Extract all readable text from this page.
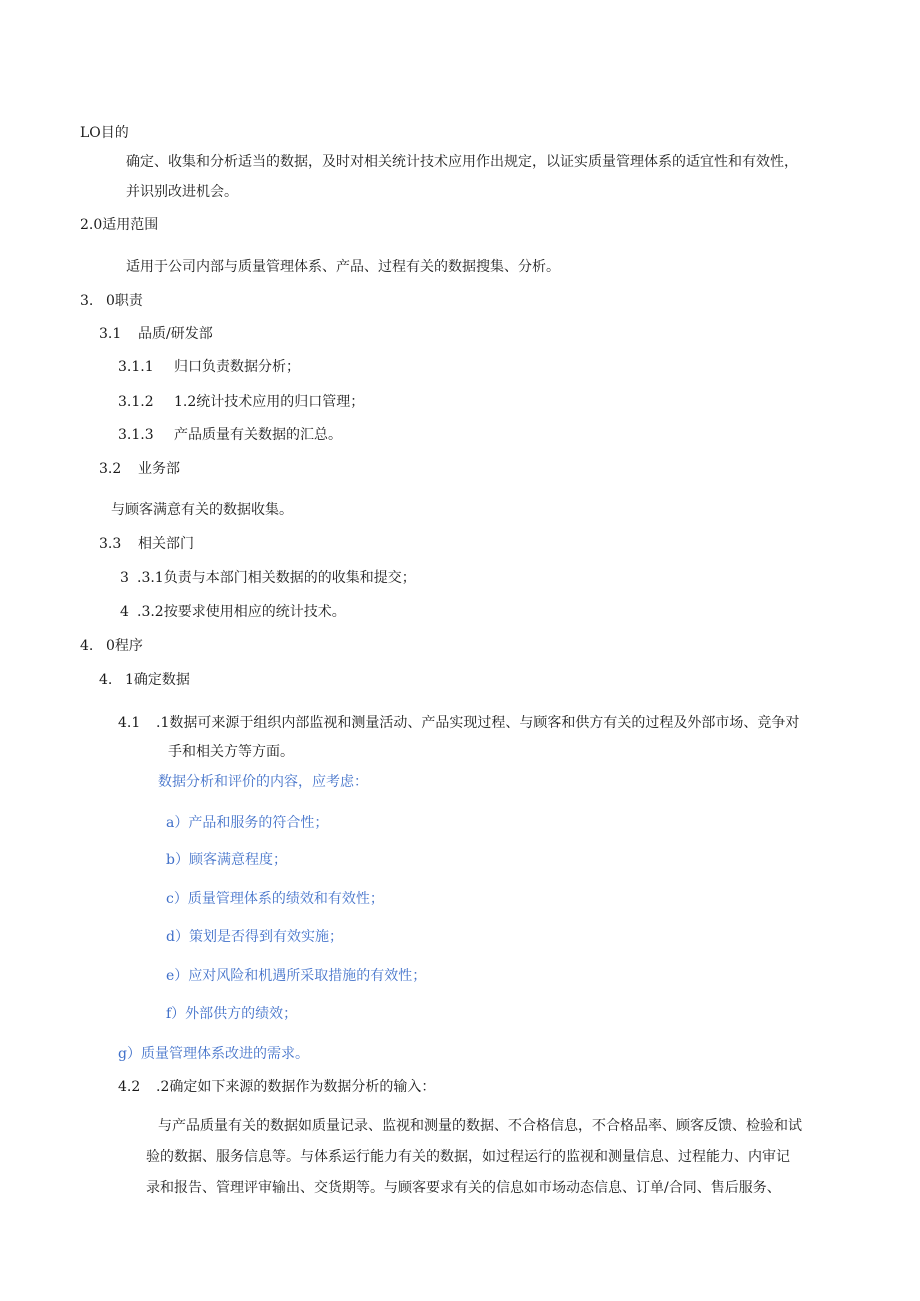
LO目的
确定、收集和分析适当的数据，及时对相关统计技术应用作出规定，以证实质量管理体系的适宜性和有效性，
并识别改进机会。
2.0适用范围
适用于公司内部与质量管理体系、产品、过程有关的数据搜集、分析。
3. 0职责
3.1 品质/研发部
3.1.1 归口负责数据分析；
3.1.2 1.2统计技术应用的归口管理；
3.1.3 产品质量有关数据的汇总。
3.2 业务部
与顾客满意有关的数据收集。
3.3 相关部门
3 .3.1负责与本部门相关数据的的收集和提交；
4 .3.2按要求使用相应的统计技术。
4. 0程序
4. 1确定数据
4.1 .1数据可来源于组织内部监视和测量活动、产品实现过程、与顾客和供方有关的过程及外部市场、竞争对
手和相关方等方面。
数据分析和评价的内容，应考虑：
a）产品和服务的符合性；
b）顾客满意程度；
c）质量管理体系的绩效和有效性；
d）策划是否得到有效实施；
e）应对风险和机遇所采取措施的有效性；
f）外部供方的绩效；
g）质量管理体系改进的需求。
4.2 .2确定如下来源的数据作为数据分析的输入：
与产品质量有关的数据如质量记录、监视和测量的数据、不合格信息，不合格品率、顾客反馈、检验和试
验的数据、服务信息等。与体系运行能力有关的数据，如过程运行的监视和测量信息、过程能力、内审记
录和报告、管理评审输出、交货期等。与顾客要求有关的信息如市场动态信息、订单/合同、售后服务、
